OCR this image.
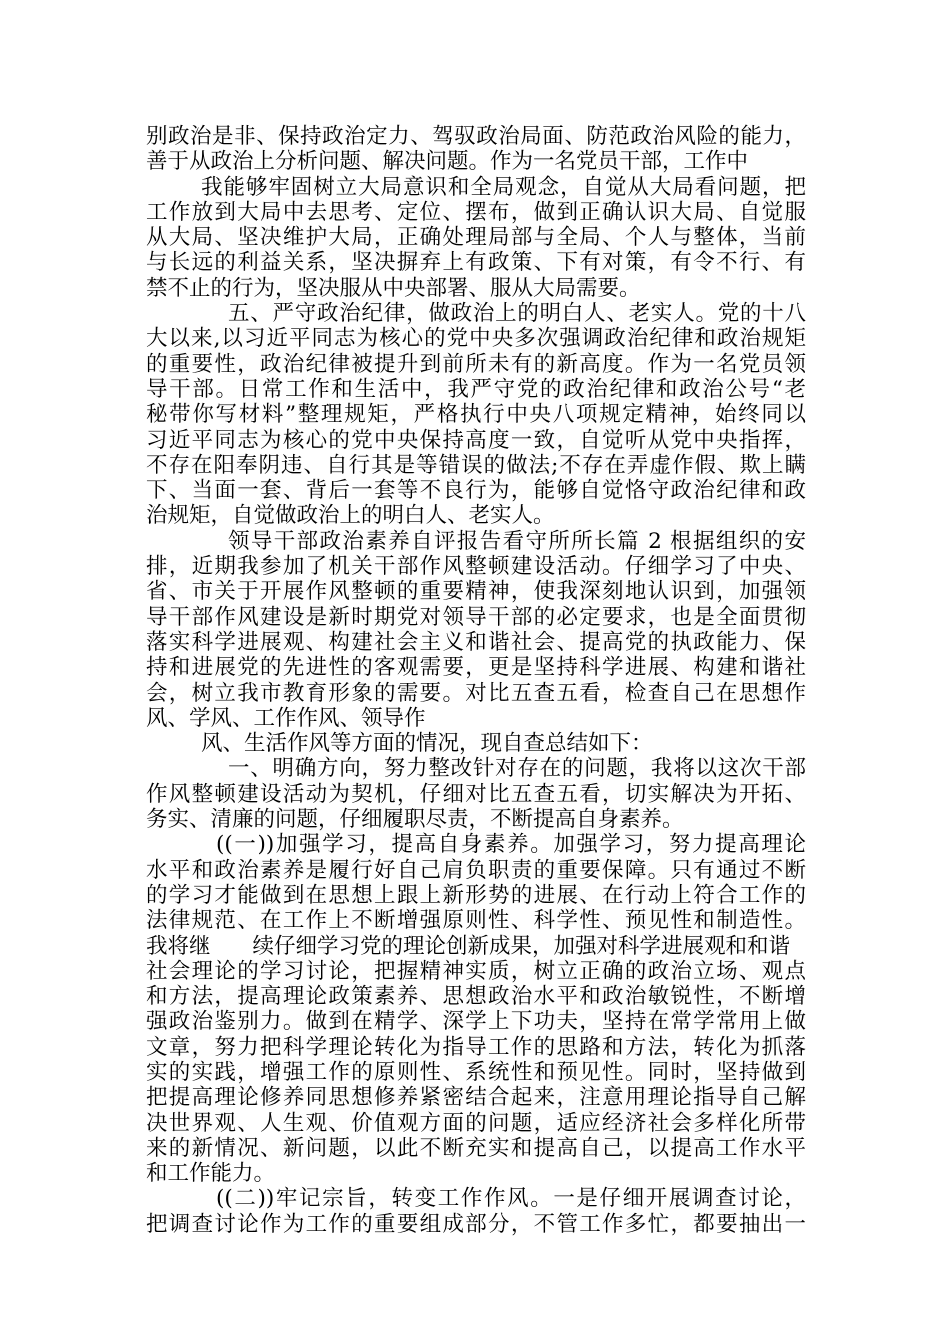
别政治是非、保持政治定力、驾驭政治局面、防范政治风险的能力，
善于从政治上分析问题、解决问题。作为一名党员干部，工作中
我能够牢固树立大局意识和全局观念，自觉从大局看问题，把
工作放到大局中去思考、定位、摆布，做到正确认识大局、自觉服
从大局、坚决维护大局，正确处理局部与全局、个人与整体，当前
与长远的利益关系，坚决摒弃上有政策、下有对策，有令不行、有
禁不止的行为，坚决服从中央部署、服从大局需要。
五、严守政治纪律，做政治上的明白人、老实人。党的十八
大以来,以习近平同志为核心的党中央多次强调政治纪律和政治规矩
的重要性，政治纪律被提升到前所未有的新高度。作为一名党员领
导干部。日常工作和生活中，我严守党的政治纪律和政治公号“老
秘带你写材料”整理规矩，严格执行中央八项规定精神，始终同以
习近平同志为核心的党中央保持高度一致，自觉听从党中央指挥，
不存在阳奉阴违、自行其是等错误的做法;不存在弄虚作假、欺上瞒
下、当面一套、背后一套等不良行为，能够自觉恪守政治纪律和政
治规矩，自觉做政治上的明白人、老实人。
领导干部政治素养自评报告看守所所长篇 2 根据组织的安
排，近期我参加了机关干部作风整顿建设活动。仔细学习了中央、
省、市关于开展作风整顿的重要精神，使我深刻地认识到，加强领
导干部作风建设是新时期党对领导干部的必定要求，也是全面贯彻
落实科学进展观、构建社会主义和谐社会、提高党的执政能力、保
持和进展党的先进性的客观需要，更是坚持科学进展、构建和谐社
会，树立我市教育形象的需要。对比五查五看，检查自己在思想作
风、学风、工作作风、领导作
风、生活作风等方面的情况，现自查总结如下：
一、明确方向，努力整改针对存在的问题，我将以这次干部
作风整顿建设活动为契机，仔细对比五查五看，切实解决为开拓、
务实、清廉的问题，仔细履职尽责，不断提高自身素养。
((一))加强学习，提高自身素养。加强学习，努力提高理论
水平和政治素养是履行好自己肩负职责的重要保障。只有通过不断
的学习才能做到在思想上跟上新形势的进展、在行动上符合工作的
法律规范、在工作上不断增强原则性、科学性、预见性和制造性。
我将继 续仔细学习党的理论创新成果，加强对科学进展观和和谐
社会理论的学习讨论，把握精神实质，树立正确的政治立场、观点
和方法，提高理论政策素养、思想政治水平和政治敏锐性，不断增
强政治鉴别力。做到在精学、深学上下功夫，坚持在常学常用上做
文章，努力把科学理论转化为指导工作的思路和方法，转化为抓落
实的实践，增强工作的原则性、系统性和预见性。同时，坚持做到
把提高理论修养同思想修养紧密结合起来，注意用理论指导自己解
决世界观、人生观、价值观方面的问题，适应经济社会多样化所带
来的新情况、新问题，以此不断充实和提高自己，以提高工作水平
和工作能力。
((二))牢记宗旨，转变工作作风。一是仔细开展调查讨论，
把调查讨论作为工作的重要组成部分，不管工作多忙，都要抽出一
